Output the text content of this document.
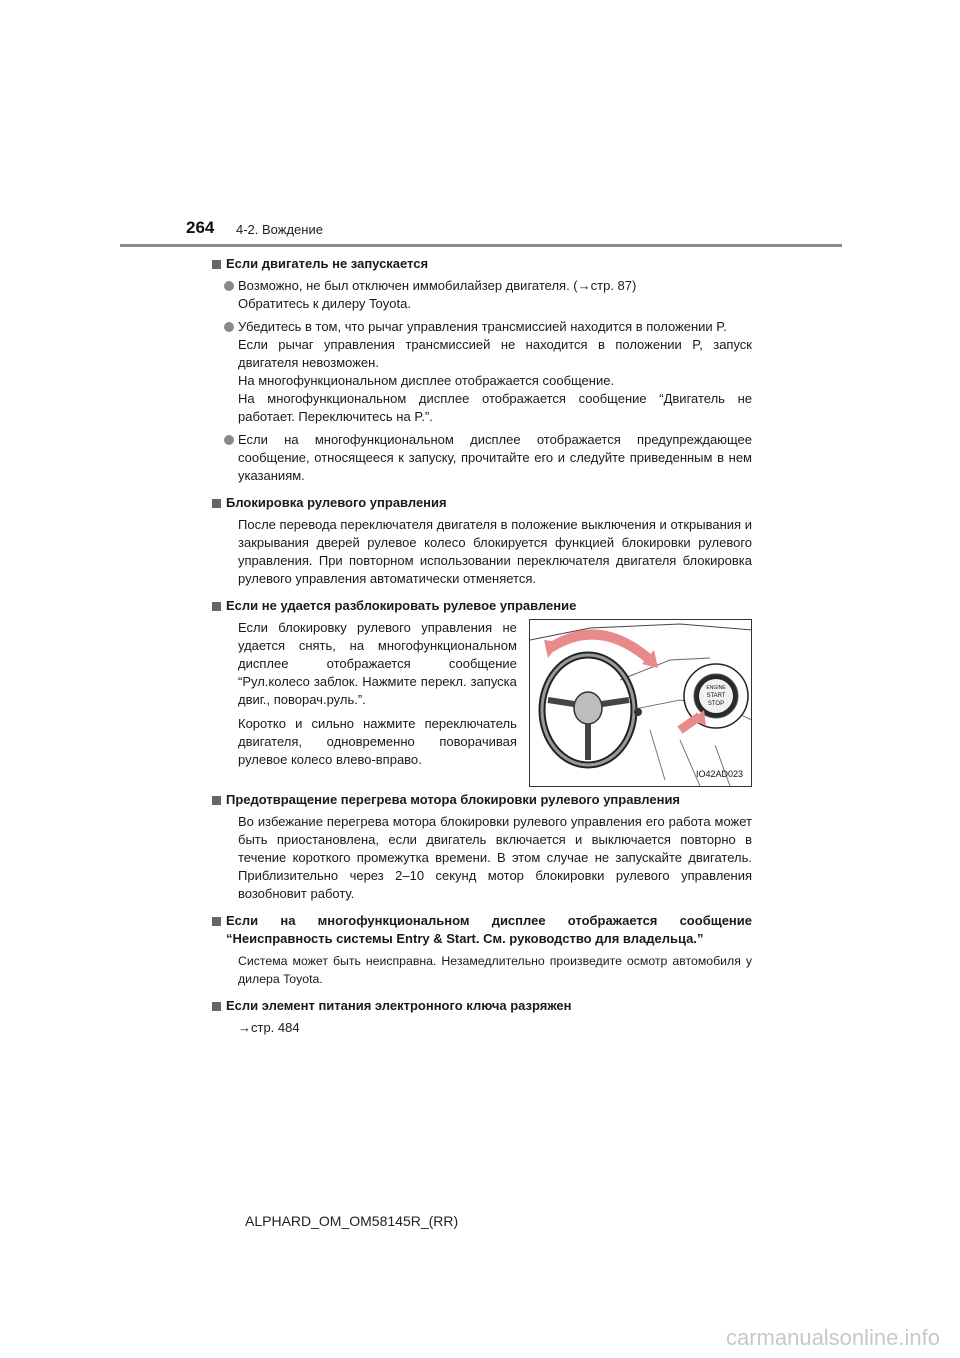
264 4-2. Вождение
Если двигатель не запускается
Возможно, не был отключен иммобилайзер двигателя. (→стр. 87)
Обратитесь к дилеру Toyota.
Убедитесь в том, что рычаг управления трансмиссией находится в положении P.
Если рычаг управления трансмиссией не находится в положении P, запуск двигателя невозможен.
На многофункциональном дисплее отображается сообщение.
На многофункциональном дисплее отображается сообщение “Двигатель не работает. Переключитесь на P.”.
Если на многофункциональном дисплее отображается предупреждающее сообщение, относящееся к запуску, прочитайте его и следуйте приведенным в нем указаниям.
Блокировка рулевого управления
После перевода переключателя двигателя в положение выключения и открывания и закрывания дверей рулевое колесо блокируется функцией блокировки рулевого управления. При повторном использовании переключателя двигателя блокировка рулевого управления автоматически отменяется.
Если не удается разблокировать рулевое управление

Если блокировку рулевого управления не удается снять, на многофункциональном дисплее отображается сообщение “Рул.колесо заблок. Нажмите перекл. запуска двиг., поворач.руль.”.

Коротко и сильно нажмите переключатель двигателя, одновременно поворачивая рулевое колесо влево-вправо.

ENGINE
START
STOP
IO42AD023
Предотвращение перегрева мотора блокировки рулевого управления
Во избежание перегрева мотора блокировки рулевого управления его работа может быть приостановлена, если двигатель включается и выключается повторно в течение короткого промежутка времени. В этом случае не запускайте двигатель. Приблизительно через 2–10 секунд мотор блокировки рулевого управления возобновит работу.
Если на многофункциональном дисплее отображается сообщение “Неисправность системы Entry & Start. См. руководство для владельца.”
Система может быть неисправна. Незамедлительно произведите осмотр автомобиля у дилера Toyota.
Если элемент питания электронного ключа разряжен
→стр. 484
ALPHARD_OM_OM58145R_(RR)
carmanualsonline.info
